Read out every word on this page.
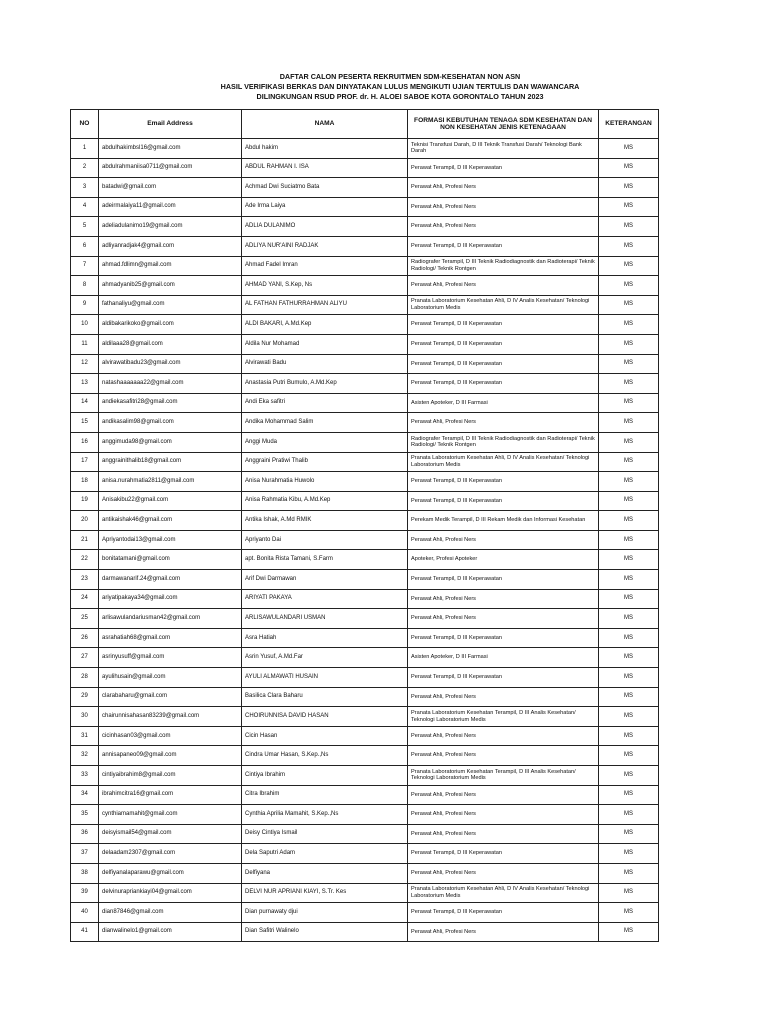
DAFTAR CALON PESERTA REKRUITMEN SDM-KESEHATAN NON ASN
HASIL VERIFIKASI BERKAS DAN DINYATAKAN LULUS MENGIKUTI UJIAN TERTULIS DAN WAWANCARA
DILINGKUNGAN RSUD PROF. dr. H. ALOEI SABOE KOTA GORONTALO TAHUN 2023
NO	Email Address	NAMA	FORMASI KEBUTUHAN TENAGA SDM KESEHATAN DAN NON KESEHATAN JENIS KETENAGAAN	KETERANGAN
1	abdulhakimbsl16@gmail.com	Abdul hakim	Teknisi Transfusi Darah, D III Teknik Transfusi Darah/ Teknologi Bank Darah	MS
2	abdulrahmaniisa0711@gmail.com	ABDUL RAHMAN I. ISA	Perawat Terampil, D III Keperawatan	MS
3	batadwi@gmail.com	Achmad Dwi Suciatmo Bata	Perawat Ahli, Profesi Ners	MS
4	adeirmalaiya11@gmail.com	Ade Irma Laiya	Perawat Ahli, Profesi Ners	MS
5	adeliadulanimo19@gmail.com	ADLIA DULANIMO	Perawat Ahli, Profesi Ners	MS
6	adliyanradjak4@gmail.com	ADLIYA NUR'AINI RADJAK	Perawat Terampil, D III Keperawatan	MS
7	ahmad.fdlimn@gmail.com	Ahmad Fadel Imran	Radiografer Terampil, D III Teknik Radiodiagnostik dan Radioterapi/ Teknik Radiologi/ Teknik Rontgen	MS
8	ahmadyanib25@gmail.com	AHMAD YANI, S.Kep, Ns	Perawat Ahli, Profesi Ners	MS
9	fathanaliyu@gmail.com	AL FATHAN FATHURRAHMAN ALIYU	Pranata Laboratorium Kesehatan Ahli, D IV Analis Kesehatan/ Teknologi Laboratorium Medis	MS
10	aldibakarikoko@gmail.com	ALDI BAKARI, A.Md.Kep	Perawat Terampil, D III Keperawatan	MS
11	aldilaaa28@gmail.com	Aldila Nur Mohamad	Perawat Terampil, D III Keperawatan	MS
12	alvirawatibadu23@gmail.com	Alvirawati Badu	Perawat Terampil, D III Keperawatan	MS
13	natashaaaaaaa22@gmail.com	Anastasia Putri Bumulo, A.Md.Kep	Perawat Terampil, D III Keperawatan	MS
14	andiekasafitri28@gmail.com	Andi Eka safitri	Asisten Apoteker, D III Farmasi	MS
15	andikasalim98@gmail.com	Andika Mohammad Salim	Perawat Ahli, Profesi Ners	MS
16	anggimuda98@gmail.com	Anggi Muda	Radiografer Terampil, D III Teknik Radiodiagnostik dan Radioterapi/ Teknik Radiologi/ Teknik Rontgen	MS
17	anggrainithalib18@gmail.com	Anggraini Pratiwi Thalib	Pranata Laboratorium Kesehatan Ahli, D IV Analis Kesehatan/ Teknologi Laboratorium Medis	MS
18	anisa.nurahmatia2811@gmail.com	Anisa Nurahmatia Huwolo	Perawat Terampil, D III Keperawatan	MS
19	Anisakibu22@gmail.com	Anisa Rahmatia Kibu, A.Md.Kep	Perawat Terampil, D III Keperawatan	MS
20	antikaishak46@gmail.com	Antika Ishak, A.Md RMIK	Perekam Medik Terampil, D III Rekam Medik dan Informasi Kesehatan	MS
21	Apriyantodai13@gmail.com	Apriyanto Dai	Perawat Ahli, Profesi Ners	MS
22	bonitatamani@gmail.com	apt. Bonita Rista Tamani, S.Farm	Apoteker, Profesi Apoteker	MS
23	darmawanarif.24@gmail.com	Arif Dwi Darmawan	Perawat Terampil, D III Keperawatan	MS
24	ariyatipakaya34@gmail.com	ARIYATI PAKAYA	Perawat Ahli, Profesi Ners	MS
25	arlisawulandariusman42@gmail.com	ARLISAWULANDARI USMAN	Perawat Ahli, Profesi Ners	MS
26	asrahatiah68@gmail.com	Asra Hatiah	Perawat Terampil, D III Keperawatan	MS
27	asrinyusuff@gmail.com	Asrin Yusuf, A.Md.Far	Asisten Apoteker, D III Farmasi	MS
28	ayulihusain@gmail.com	AYULI ALMAWATI HUSAIN	Perawat Terampil, D III Keperawatan	MS
29	clarabaharu@gmail.com	Basilica Clara Baharu	Perawat Ahli, Profesi Ners	MS
30	chairunnisahasan83239@gmail.com	CHOIRUNNISA DAVID HASAN	Pranata Laboratorium Kesehatan Terampil, D III Analis Kesehatan/ Teknologi Laboratorium Medis	MS
31	cicinhasan03@gmail.com	Cicin Hasan	Perawat Ahli, Profesi Ners	MS
32	annisapaneo09@gmail.com	Cindra Umar Hasan, S.Kep.,Ns	Perawat Ahli, Profesi Ners	MS
33	cintiyaibrahim8@gmail.com	Cintiya Ibrahim	Pranata Laboratorium Kesehatan Terampil, D III Analis Kesehatan/ Teknologi Laboratorium Medis	MS
34	ibrahimcitra16@gmail.com	Citra Ibrahim	Perawat Ahli, Profesi Ners	MS
35	cynthiamamahit@gmail.com	Cynthia Aprilia Mamahit, S.Kep.,Ns	Perawat Ahli, Profesi Ners	MS
36	deisyismail54@gmail.com	Deisy Cintiya Ismail	Perawat Ahli, Profesi Ners	MS
37	delaadam2307@gmail.com	Dela Saputri Adam	Perawat Terampil, D III Keperawatan	MS
38	delfiyanalaparawu@gmail.com	Delfiyana	Perawat Ahli, Profesi Ners	MS
39	delvinurapriankiayi04@gmail.com	DELVI NUR APRIANI KIAYI, S.Tr. Kes	Pranata Laboratorium Kesehatan Ahli, D IV Analis Kesehatan/ Teknologi Laboratorium Medis	MS
40	dian87846@gmail.com	Dian purnawaty djui	Perawat Terampil, D III Keperawatan	MS
41	dianwalinelo1@gmail.com	Dian Safitri Walinelo	Perawat Ahli, Profesi Ners	MS
